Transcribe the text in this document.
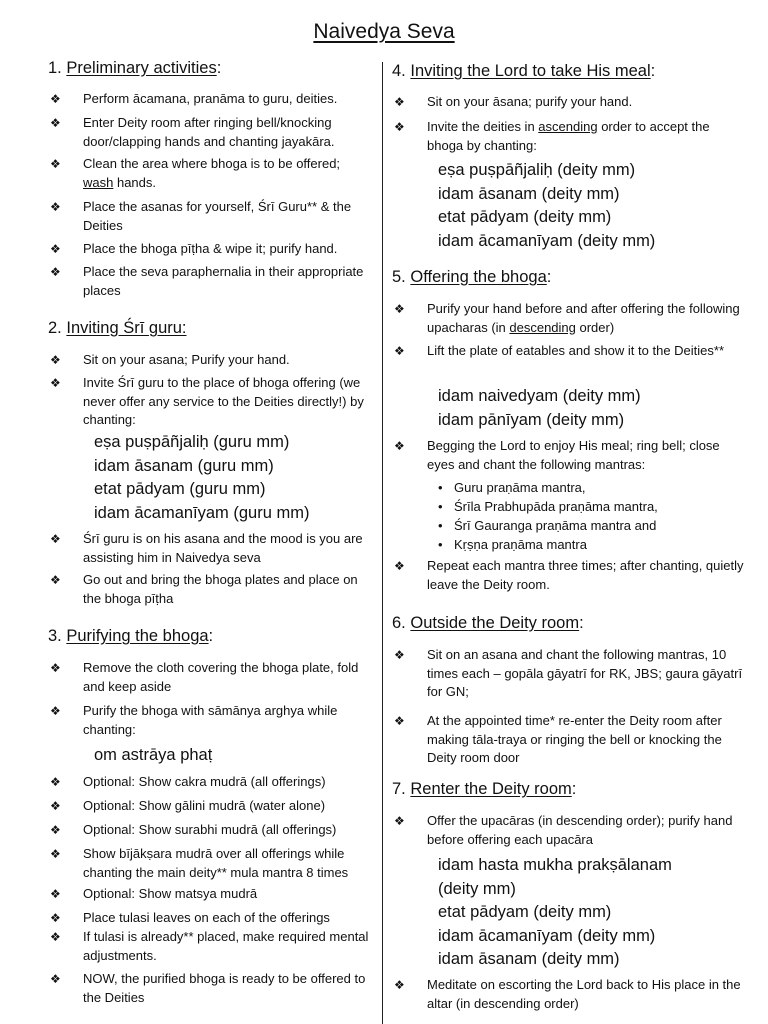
Naivedya Seva
1. Preliminary activities:
❖ Perform ācamana, pranāma to guru, deities.
❖ Enter Deity room after ringing bell/knocking door/clapping hands and chanting jayakāra.
❖ Clean the area where bhoga is to be offered; wash hands.
❖ Place the asanas for yourself, Śrī Guru** & the Deities
❖ Place the bhoga pīṭha & wipe it; purify hand.
❖ Place the seva paraphernalia in their appropriate places
2. Inviting Śrī guru:
❖ Sit on your asana; Purify your hand.
❖ Invite Śrī guru to the place of bhoga offering (we never offer any service to the Deities directly!) by chanting:
eṣa puṣpāñjaliḥ (guru mm)
idam āsanam (guru mm)
etat pādyam (guru mm)
idam ācamanīyam (guru mm)
❖ Śrī guru is on his asana and the mood is you are assisting him in Naivedya seva
❖ Go out and bring the bhoga plates and place on the bhoga pīṭha
3. Purifying the bhoga:
❖ Remove the cloth covering the bhoga plate, fold and keep aside
❖ Purify the bhoga with sāmānya arghya while chanting:
om astrāya phaṭ
❖ Optional: Show cakra mudrā (all offerings)
❖ Optional: Show gālini mudrā (water alone)
❖ Optional: Show surabhi mudrā (all offerings)
❖ Show bījākṣara mudrā over all offerings while chanting the main deity** mula mantra 8 times
❖ Optional: Show matsya mudrā
❖ Place tulasi leaves on each of the offerings
❖ If tulasi is already** placed, make required mental adjustments.
❖ NOW, the purified bhoga is ready to be offered to the Deities
4. Inviting the Lord to take His meal:
❖ Sit on your āsana; purify your hand.
❖ Invite the deities in ascending order to accept the bhoga by chanting:
eṣa puṣpāñjaliḥ (deity mm)
idam āsanam (deity mm)
etat pādyam (deity mm)
idam ācamanīyam (deity mm)
5. Offering the bhoga:
❖ Purify your hand before and after offering the following upacharas (in descending order)
❖ Lift the plate of eatables and show it to the Deities**
idam naivedyam (deity mm)
idam pānīyam (deity mm)
❖ Begging the Lord to enjoy His meal; ring bell; close eyes and chant the following mantras:
• Guru praṇāma mantra,
• Śrīla Prabhupāda praṇāma mantra,
• Śrī Gauranga praṇāma mantra and
• Kṛṣṇa praṇāma mantra
❖ Repeat each mantra three times; after chanting, quietly leave the Deity room.
6. Outside the Deity room:
❖ Sit on an asana and chant the following mantras, 10 times each – gopāla gāyatrī for RK, JBS; gaura gāyatrī for GN;
❖ At the appointed time* re-enter the Deity room after making tāla-traya or ringing the bell or knocking the Deity room door
7. Renter the Deity room:
❖ Offer the upacāras (in descending order); purify hand before offering each upacāra
idam hasta mukha prakṣālanam
(deity mm)
etat pādyam (deity mm)
idam ācamanīyam (deity mm)
idam āsanam (deity mm)
❖ Meditate on escorting the Lord back to His place in the altar (in descending order)
